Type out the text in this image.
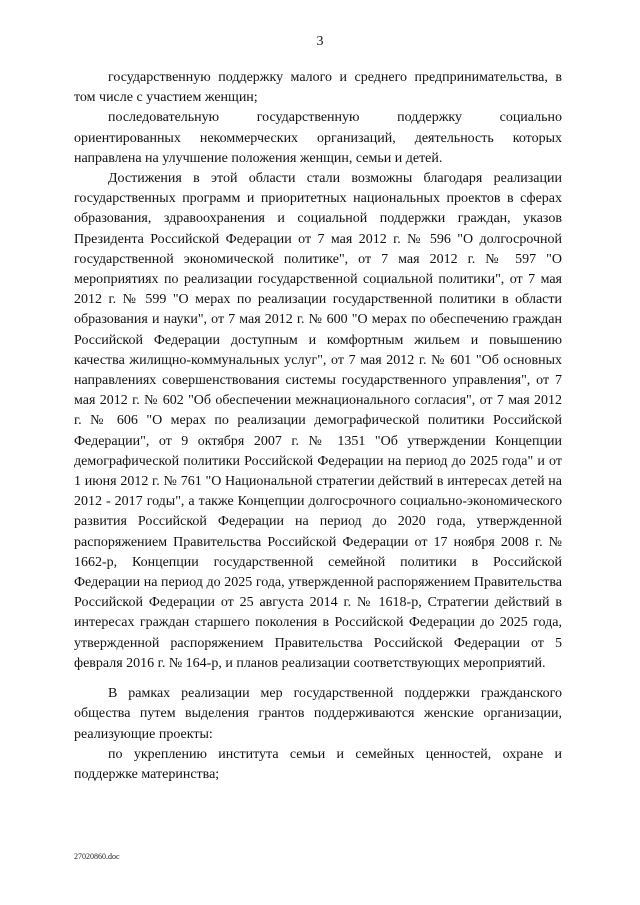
3

государственную поддержку малого и среднего предпринимательства, в том числе с участием женщин;

последовательную государственную поддержку социально ориентированных некоммерческих организаций, деятельность которых направлена на улучшение положения женщин, семьи и детей.

Достижения в этой области стали возможны благодаря реализации государственных программ и приоритетных национальных проектов в сферах образования, здравоохранения и социальной поддержки граждан, указов Президента Российской Федерации от 7 мая 2012 г. № 596 "О долгосрочной государственной экономической политике", от 7 мая 2012 г. № 597 "О мероприятиях по реализации государственной социальной политики", от 7 мая 2012 г. № 599 "О мерах по реализации государственной политики в области образования и науки", от 7 мая 2012 г. № 600 "О мерах по обеспечению граждан Российской Федерации доступным и комфортным жильем и повышению качества жилищно-коммунальных услуг", от 7 мая 2012 г. № 601 "Об основных направлениях совершенствования системы государственного управления", от 7 мая 2012 г. № 602 "Об обеспечении межнационального согласия", от 7 мая 2012 г. № 606 "О мерах по реализации демографической политики Российской Федерации", от 9 октября 2007 г. № 1351 "Об утверждении Концепции демографической политики Российской Федерации на период до 2025 года" и от 1 июня 2012 г. № 761 "О Национальной стратегии действий в интересах детей на 2012 - 2017 годы", а также Концепции долгосрочного социально-экономического развития Российской Федерации на период до 2020 года, утвержденной распоряжением Правительства Российской Федерации от 17 ноября 2008 г. № 1662-р, Концепции государственной семейной политики в Российской Федерации на период до 2025 года, утвержденной распоряжением Правительства Российской Федерации от 25 августа 2014 г. № 1618-р, Стратегии действий в интересах граждан старшего поколения в Российской Федерации до 2025 года, утвержденной распоряжением Правительства Российской Федерации от 5 февраля 2016 г. № 164-р, и планов реализации соответствующих мероприятий.

В рамках реализации мер государственной поддержки гражданского общества путем выделения грантов поддерживаются женские организации, реализующие проекты:

по укреплению института семьи и семейных ценностей, охране и поддержке материнства;

27020860.doc
